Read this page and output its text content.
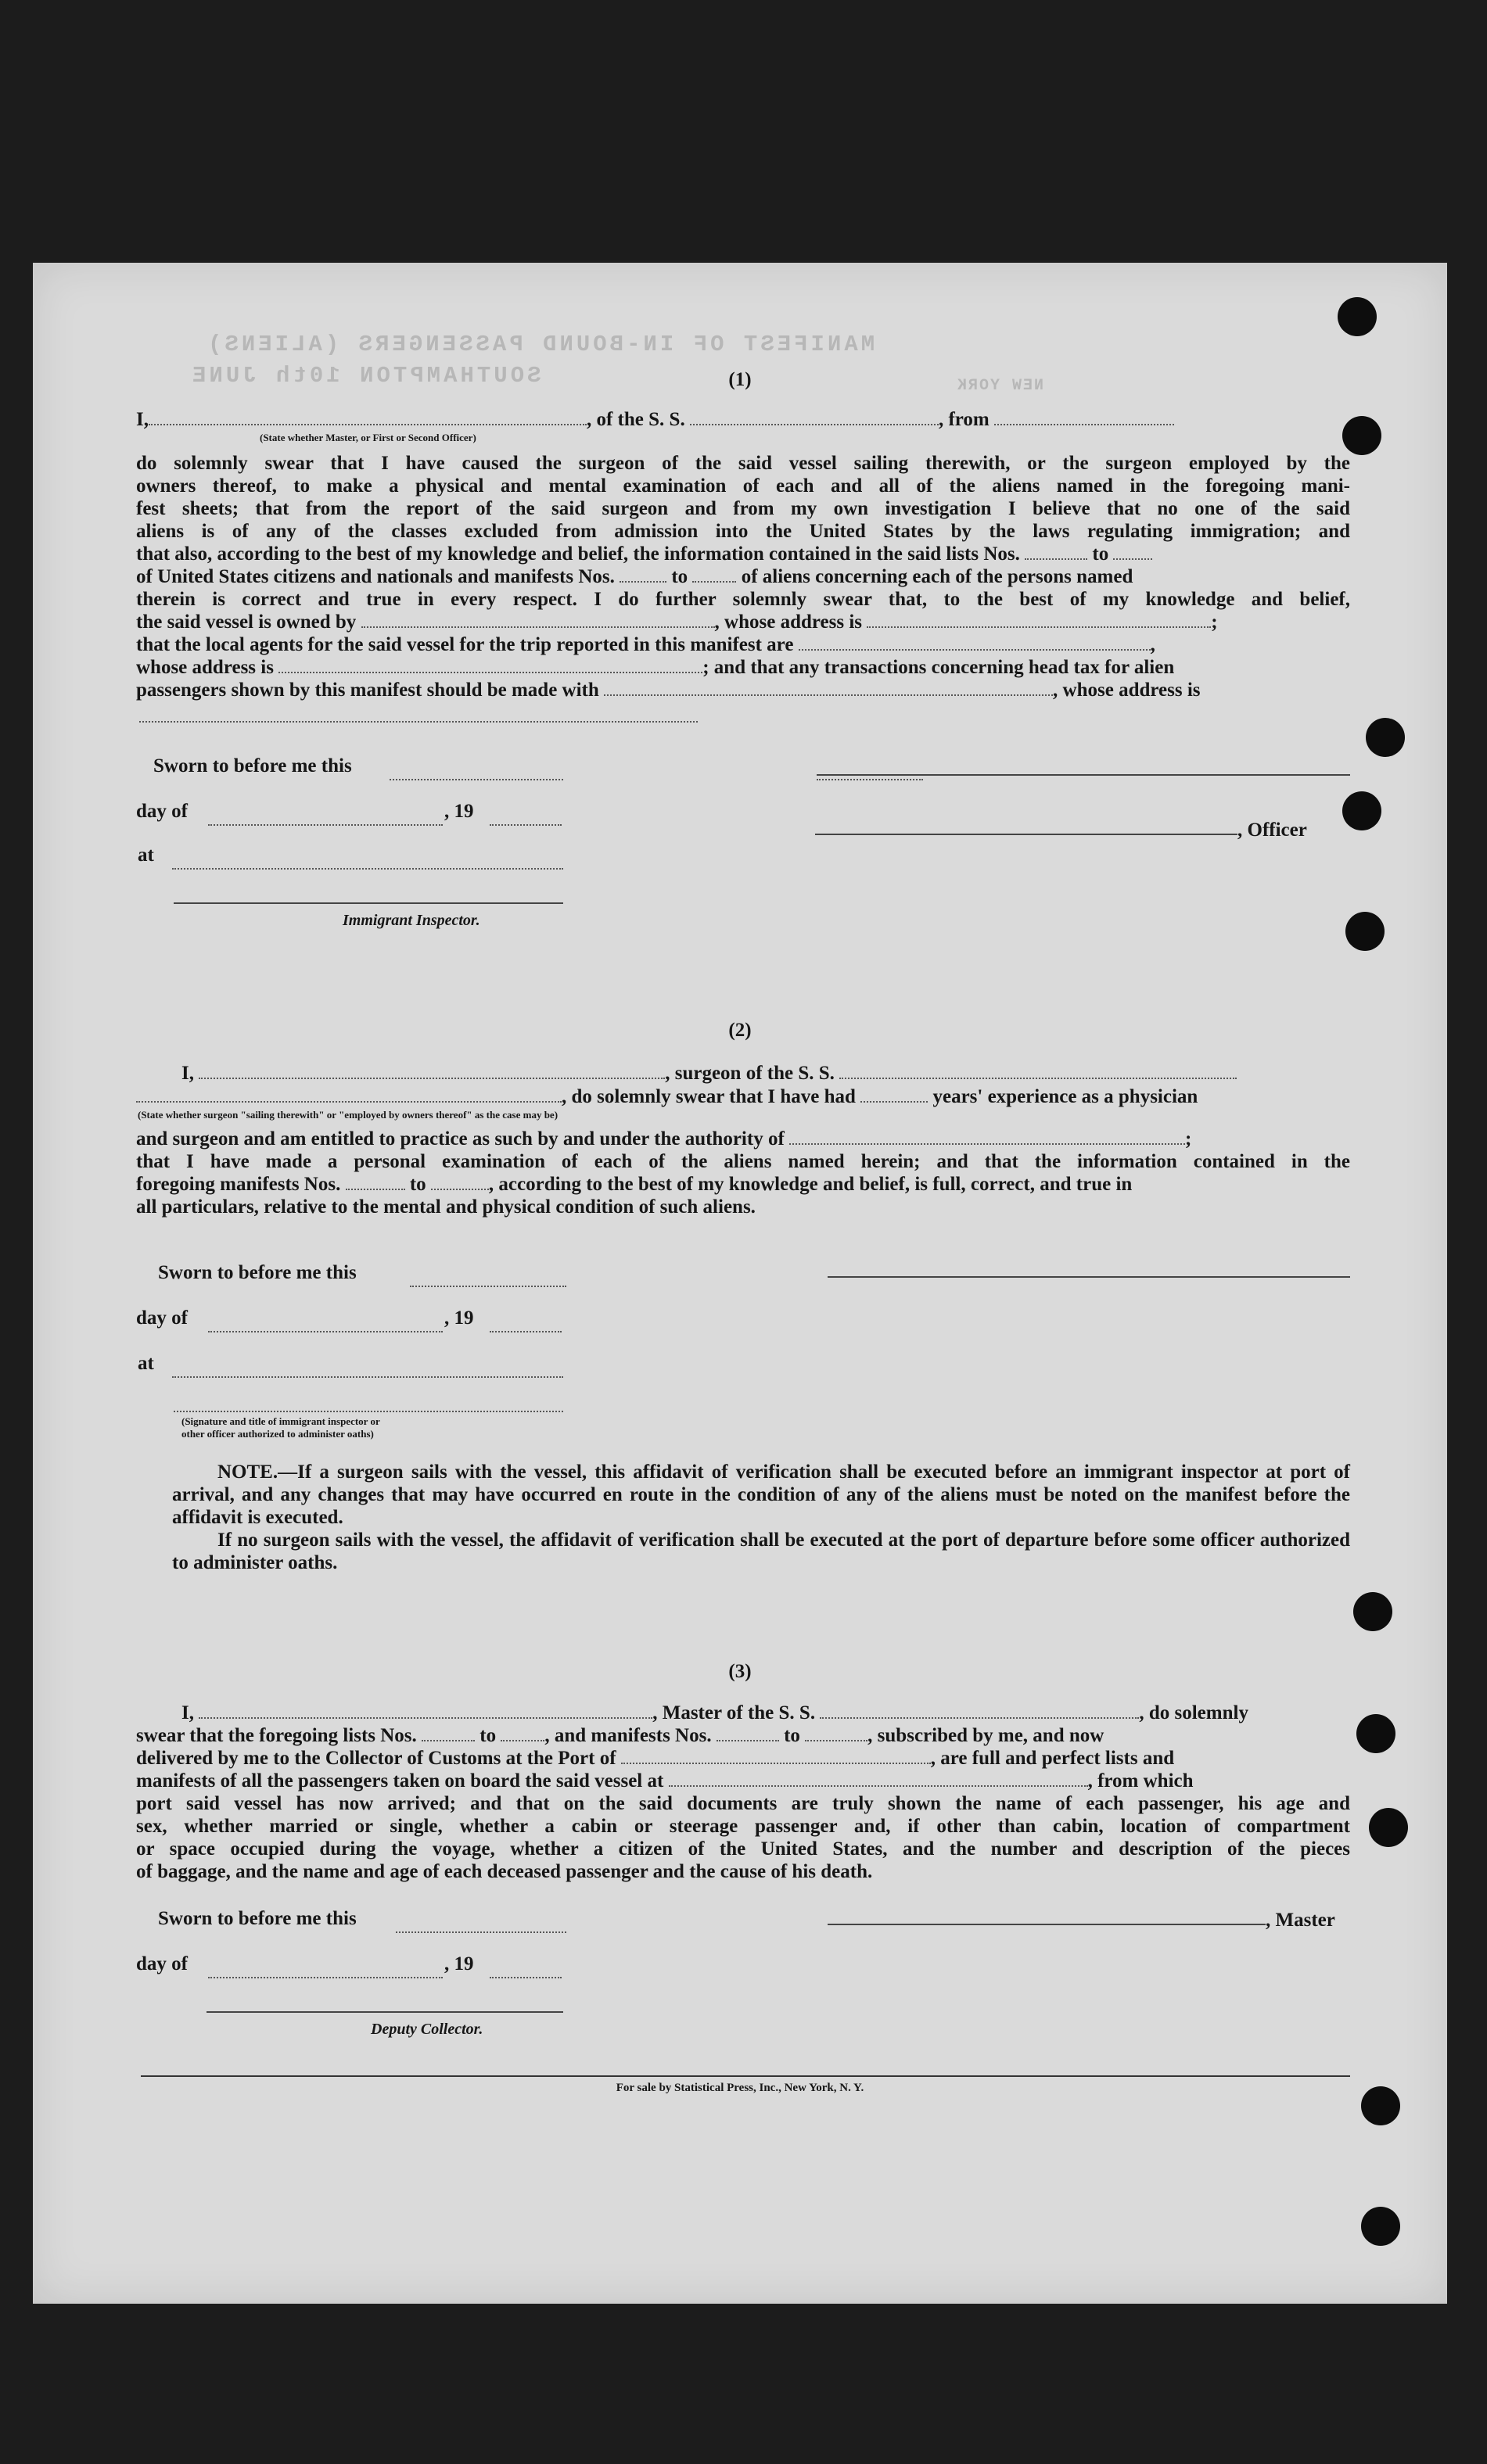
MANIFEST OF IN-BOUND PASSENGERS (ALIENS)
SOUTHAMPTON 10th JUNE	NEW YORK
(1)
I,	, of the S. S.	, from
(State whether Master, or First or Second Officer)
do solemnly swear that I have caused the surgeon of the said vessel sailing therewith, or the surgeon employed by the
owners thereof, to make a physical and mental examination of each and all of the aliens named in the foregoing mani-
fest sheets; that from the report of the said surgeon and from my own investigation I believe that no one of the said
aliens is of any of the classes excluded from admission into the United States by the laws regulating immigration; and
that also, according to the best of my knowledge and belief, the information contained in the said lists Nos.	to
of United States citizens and nationals and manifests Nos.	to	of aliens concerning each of the persons named
therein is correct and true in every respect. I do further solemnly swear that, to the best of my knowledge and belief,
the said vessel is owned by	, whose address is	;
that the local agents for the said vessel for the trip reported in this manifest are	,
whose address is	; and that any transactions concerning head tax for alien
passengers shown by this manifest should be made with	, whose address is
Sworn to before me this
day of	, 19
at
Immigrant Inspector.
, Officer
(2)
I,	, surgeon of the S. S.
, do solemnly swear that I have had	years' experience as a physician
(State whether surgeon "sailing therewith" or "employed by owners thereof" as the case may be)
and surgeon and am entitled to practice as such by and under the authority of	;
that I have made a personal examination of each of the aliens named herein; and that the information contained in the
foregoing manifests Nos.	to	, according to the best of my knowledge and belief, is full, correct, and true in
all particulars, relative to the mental and physical condition of such aliens.
Sworn to before me this
day of	, 19
at
(Signature and title of immigrant inspector or
other officer authorized to administer oaths)

NOTE.—If a surgeon sails with the vessel, this affidavit of verification shall be executed before an immigrant inspector at port of arrival, and any changes that may have occurred en route in the condition of any of the aliens must be noted on the manifest before the affidavit is executed.

If no surgeon sails with the vessel, the affidavit of verification shall be executed at the port of departure before some officer authorized to administer oaths.

(3)
I,	, Master of the S. S.	, do solemnly
swear that the foregoing lists Nos.	to , and manifests Nos.	to	, subscribed by me, and now
delivered by me to the Collector of Customs at the Port of	, are full and perfect lists and
manifests of all the passengers taken on board the said vessel at	, from which
port said vessel has now arrived; and that on the said documents are truly shown the name of each passenger, his age and
sex, whether married or single, whether a cabin or steerage passenger and, if other than cabin, location of compartment
or space occupied during the voyage, whether a citizen of the United States, and the number and description of the pieces
of baggage, and the name and age of each deceased passenger and the cause of his death.
Sworn to before me this	, Master
day of	, 19
Deputy Collector.
For sale by Statistical Press, Inc., New York, N. Y.
